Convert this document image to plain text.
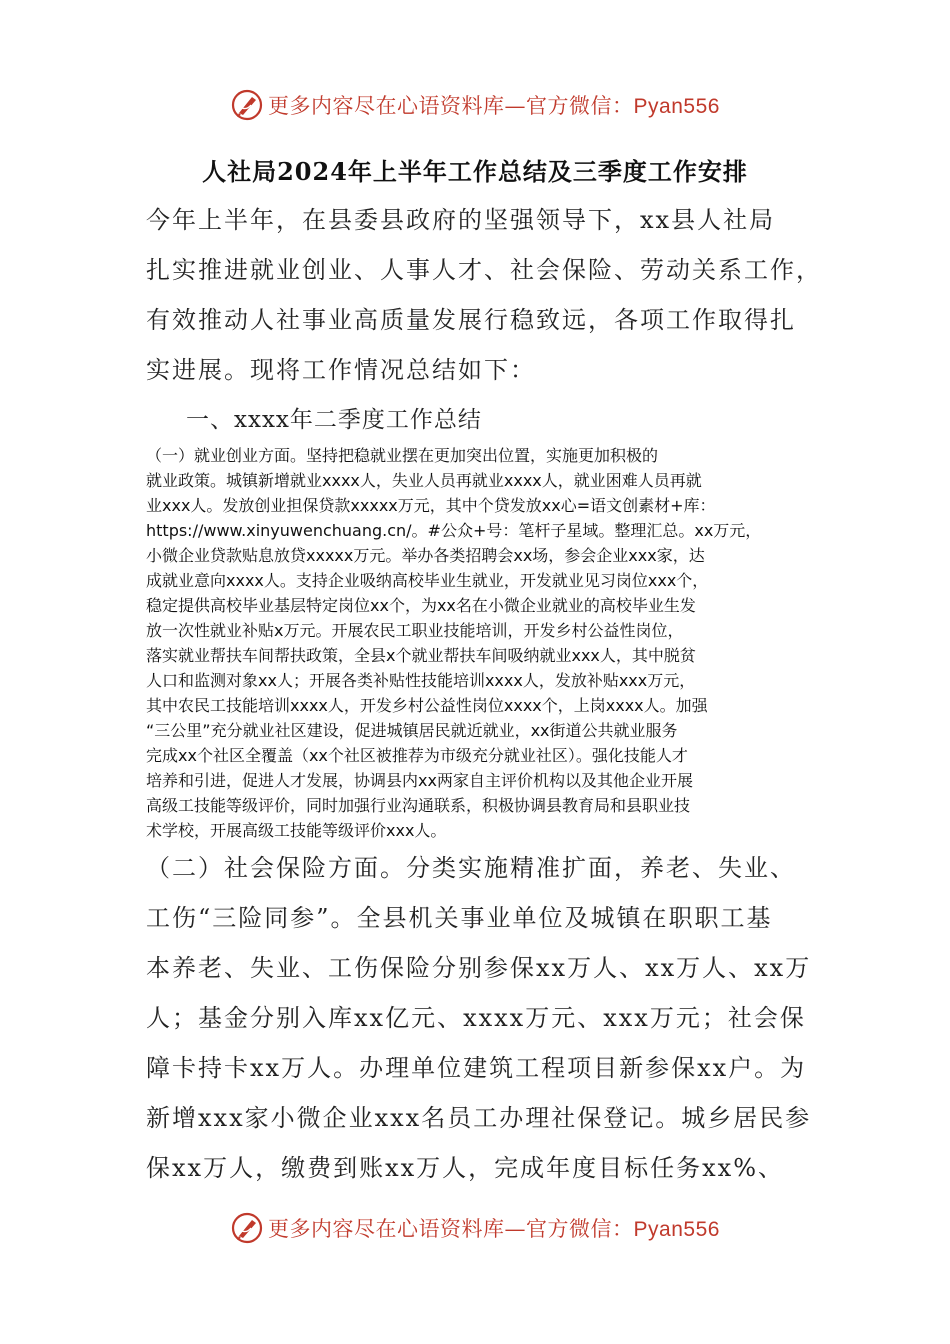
更多内容尽在心语资料库—官方微信：Pyan556
人社局2024年上半年工作总结及三季度工作安排
今年上半年，在县委县政府的坚强领导下，xx县人社局
扎实推进就业创业、人事人才、社会保险、劳动关系工作，
有效推动人社事业高质量发展行稳致远，各项工作取得扎
实进展。现将工作情况总结如下：
一、xxxx年二季度工作总结
（一）就业创业方面。坚持把稳就业摆在更加突出位置，实施更加积极的
就业政策。城镇新增就业xxxx人，失业人员再就业xxxx人，就业困难人员再就
业xxx人。发放创业担保贷款xxxxx万元，其中个贷发放xx心=语文创素材+库：
https://www.xinyuwenchuang.cn/。#公众+号：笔杆子星域。整理汇总。xx万元，
小微企业贷款贴息放贷xxxxx万元。举办各类招聘会xx场，参会企业xxx家，达
成就业意向xxxx人。支持企业吸纳高校毕业生就业，开发就业见习岗位xxx个，
稳定提供高校毕业基层特定岗位xx个，为xx名在小微企业就业的高校毕业生发
放一次性就业补贴x万元。开展农民工职业技能培训，开发乡村公益性岗位，
落实就业帮扶车间帮扶政策，全县x个就业帮扶车间吸纳就业xxx人，其中脱贫
人口和监测对象xx人；开展各类补贴性技能培训xxxx人，发放补贴xxx万元，
其中农民工技能培训xxxx人，开发乡村公益性岗位xxxx个，上岗xxxx人。加强
“三公里”充分就业社区建设，促进城镇居民就近就业，xx街道公共就业服务
完成xx个社区全覆盖（xx个社区被推荐为市级充分就业社区）。强化技能人才
培养和引进，促进人才发展，协调县内xx两家自主评价机构以及其他企业开展
高级工技能等级评价，同时加强行业沟通联系，积极协调县教育局和县职业技
术学校，开展高级工技能等级评价xxx人。
（二）社会保险方面。分类实施精准扩面，养老、失业、
工伤“三险同参”。全县机关事业单位及城镇在职职工基
本养老、失业、工伤保险分别参保xx万人、xx万人、xx万
人；基金分别入库xx亿元、xxxx万元、xxx万元；社会保
障卡持卡xx万人。办理单位建筑工程项目新参保xx户。为
新增xxx家小微企业xxx名员工办理社保登记。城乡居民参
保xx万人，缴费到账xx万人，完成年度目标任务xx%、
更多内容尽在心语资料库—官方微信：Pyan556
